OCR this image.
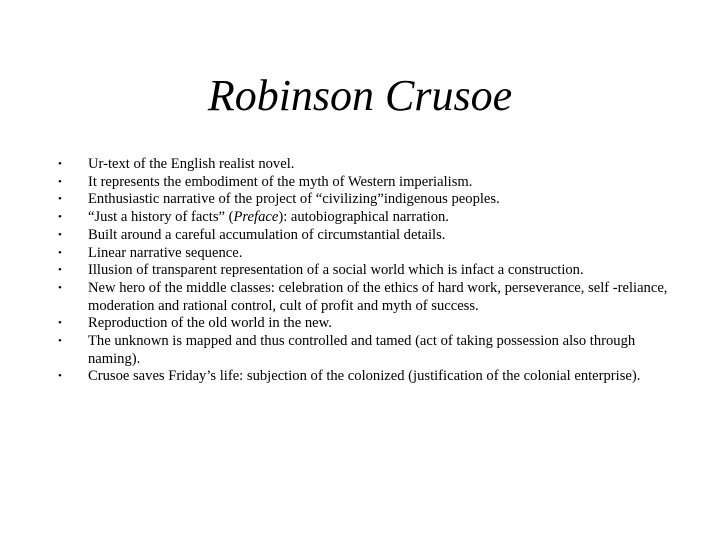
Robinson Crusoe
•	Ur-text of the English realist novel.
•	It represents the embodiment of the myth of Western imperialism.
•	Enthusiastic narrative of the project of “civilizing”indigenous peoples.
•	“Just a history of facts” (Preface): autobiographical narration.
•	Built around a careful accumulation of circumstantial details.
•	Linear narrative sequence.
•	Illusion of transparent representation of a social world which is infact a construction.
•	New hero of the middle classes: celebration of the ethics of hard work, perseverance, self -reliance, moderation and rational control, cult of profit and myth of success.
•	Reproduction of the old world in the new.
•	The unknown is mapped and thus controlled and tamed (act of taking possession also through naming).
•	Crusoe saves Friday’s life: subjection of the colonized (justification of the colonial enterprise).
